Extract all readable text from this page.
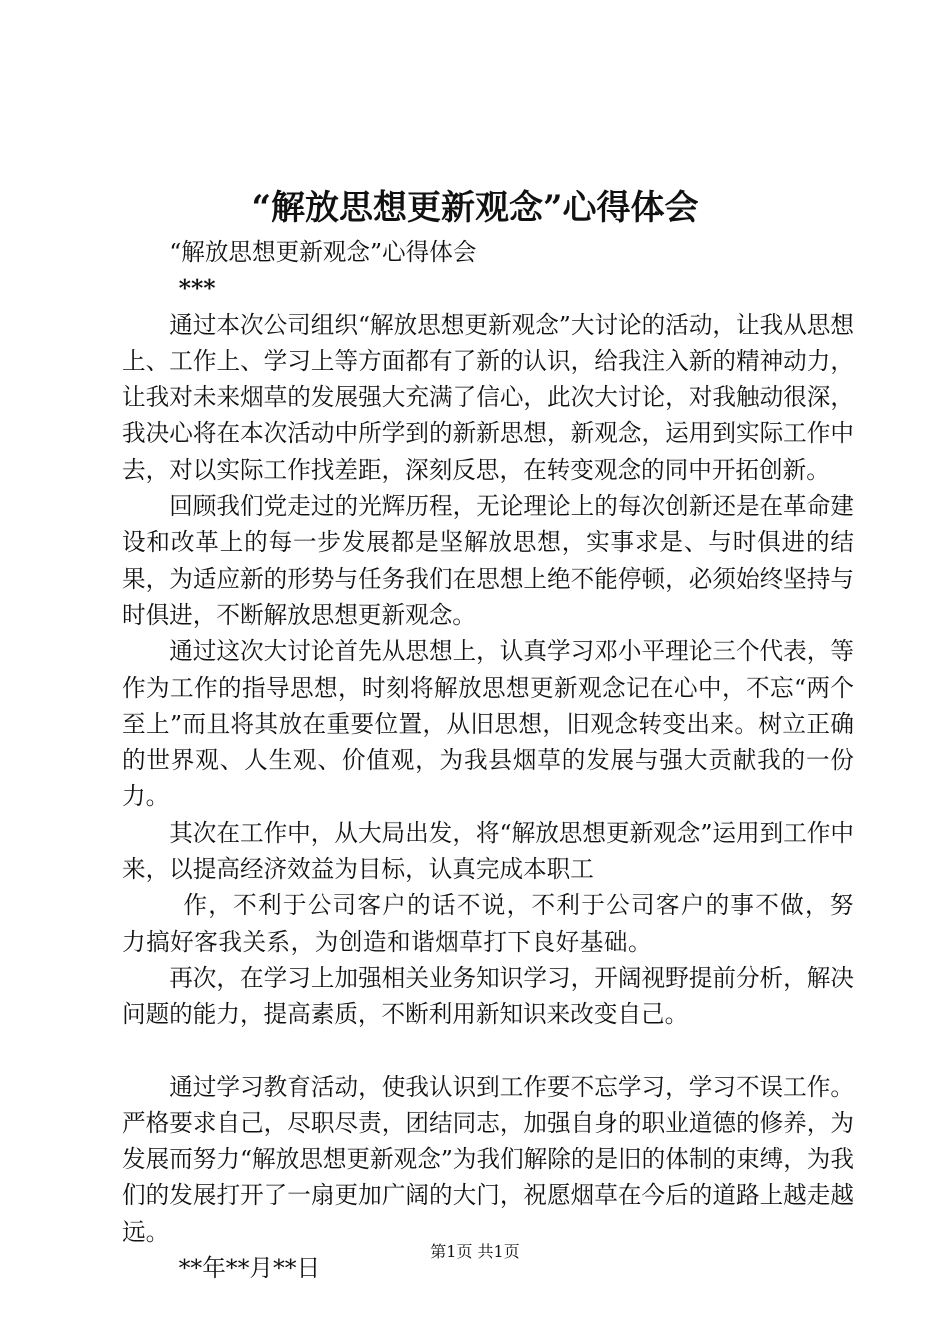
“解放思想更新观念”心得体会

“解放思想更新观念”心得体会

***

通过本次公司组织“解放思想更新观念”大讨论的活动，让我从思想上、工作上、学习上等方面都有了新的认识，给我注入新的精神动力，让我对未来烟草的发展强大充满了信心，此次大讨论，对我触动很深，我决心将在本次活动中所学到的新新思想，新观念，运用到实际工作中去，对以实际工作找差距，深刻反思，在转变观念的同中开拓创新。

回顾我们党走过的光辉历程，无论理论上的每次创新还是在革命建设和改革上的每一步发展都是坚解放思想，实事求是、与时俱进的结果，为适应新的形势与任务我们在思想上绝不能停顿，必须始终坚持与时俱进，不断解放思想更新观念。

通过这次大讨论首先从思想上，认真学习邓小平理论三个代表，等作为工作的指导思想，时刻将解放思想更新观念记在心中，不忘“两个至上”而且将其放在重要位置，从旧思想，旧观念转变出来。树立正确的世界观、人生观、价值观，为我县烟草的发展与强大贡献我的一份力。

其次在工作中，从大局出发，将“解放思想更新观念”运用到工作中来，以提高经济效益为目标，认真完成本职工

作，不利于公司客户的话不说，不利于公司客户的事不做，努力搞好客我关系，为创造和谐烟草打下良好基础。

再次，在学习上加强相关业务知识学习，开阔视野提前分析，解决问题的能力，提高素质，不断利用新知识来改变自己。

通过学习教育活动，使我认识到工作要不忘学习，学习不误工作。严格要求自己，尽职尽责，团结同志，加强自身的职业道德的修养，为发展而努力“解放思想更新观念”为我们解除的是旧的体制的束缚，为我们的发展打开了一扇更加广阔的大门，祝愿烟草在今后的道路上越走越远。

**年**月**日

第1页 共1页
